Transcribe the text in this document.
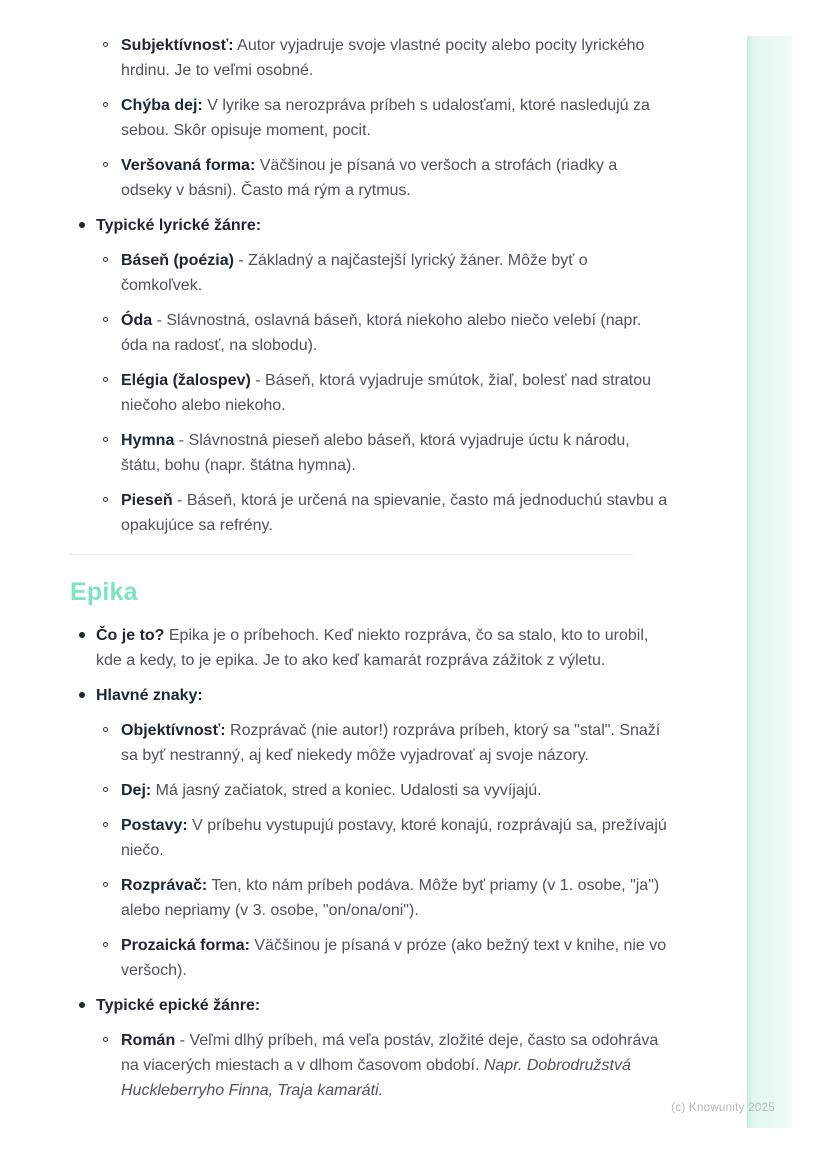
(c) Knowunity 2025
Subjektívnosť: Autor vyjadruje svoje vlastné pocity alebo pocity lyrického hrdinu. Je to veľmi osobné.
Chýba dej: V lyrike sa nerozpráva príbeh s udalosťami, ktoré nasledujú za sebou. Skôr opisuje moment, pocit.
Veršovaná forma: Väčšinou je písaná vo veršoch a strofách (riadky a odseky v básni). Často má rým a rytmus.
Typické lyrické žánre:
Báseň (poézia) - Základný a najčastejší lyrický žáner. Môže byť o čomkoľvek.
Óda - Slávnostná, oslavná báseň, ktorá niekoho alebo niečo velebí (napr. óda na radosť, na slobodu).
Elégia (žalospev) - Báseň, ktorá vyjadruje smútok, žiaľ, bolesť nad stratou niečoho alebo niekoho.
Hymna - Slávnostná pieseň alebo báseň, ktorá vyjadruje úctu k národu, štátu, bohu (napr. štátna hymna).
Pieseň - Báseň, ktorá je určená na spievanie, často má jednoduchú stavbu a opakujúce sa refrény.
Epika
Čo je to? Epika je o príbehoch. Keď niekto rozpráva, čo sa stalo, kto to urobil, kde a kedy, to je epika. Je to ako keď kamarát rozpráva zážitok z výletu.
Hlavné znaky:
Objektívnosť: Rozprávač (nie autor!) rozpráva príbeh, ktorý sa "stal". Snaží sa byť nestranný, aj keď niekedy môže vyjadrovať aj svoje názory.
Dej: Má jasný začiatok, stred a koniec. Udalosti sa vyvíjajú.
Postavy: V príbehu vystupujú postavy, ktoré konajú, rozprávajú sa, prežívajú niečo.
Rozprávač: Ten, kto nám príbeh podáva. Môže byť priamy (v 1. osobe, "ja") alebo nepriamy (v 3. osobe, "on/ona/oni").
Prozaická forma: Väčšinou je písaná v próze (ako bežný text v knihe, nie vo veršoch).
Typické epické žánre:
Román - Veľmi dlhý príbeh, má veľa postáv, zložité deje, často sa odohráva na viacerých miestach a v dlhom časovom období. Napr. Dobrodružstvá Huckleberryho Finna, Traja kamaráti.
